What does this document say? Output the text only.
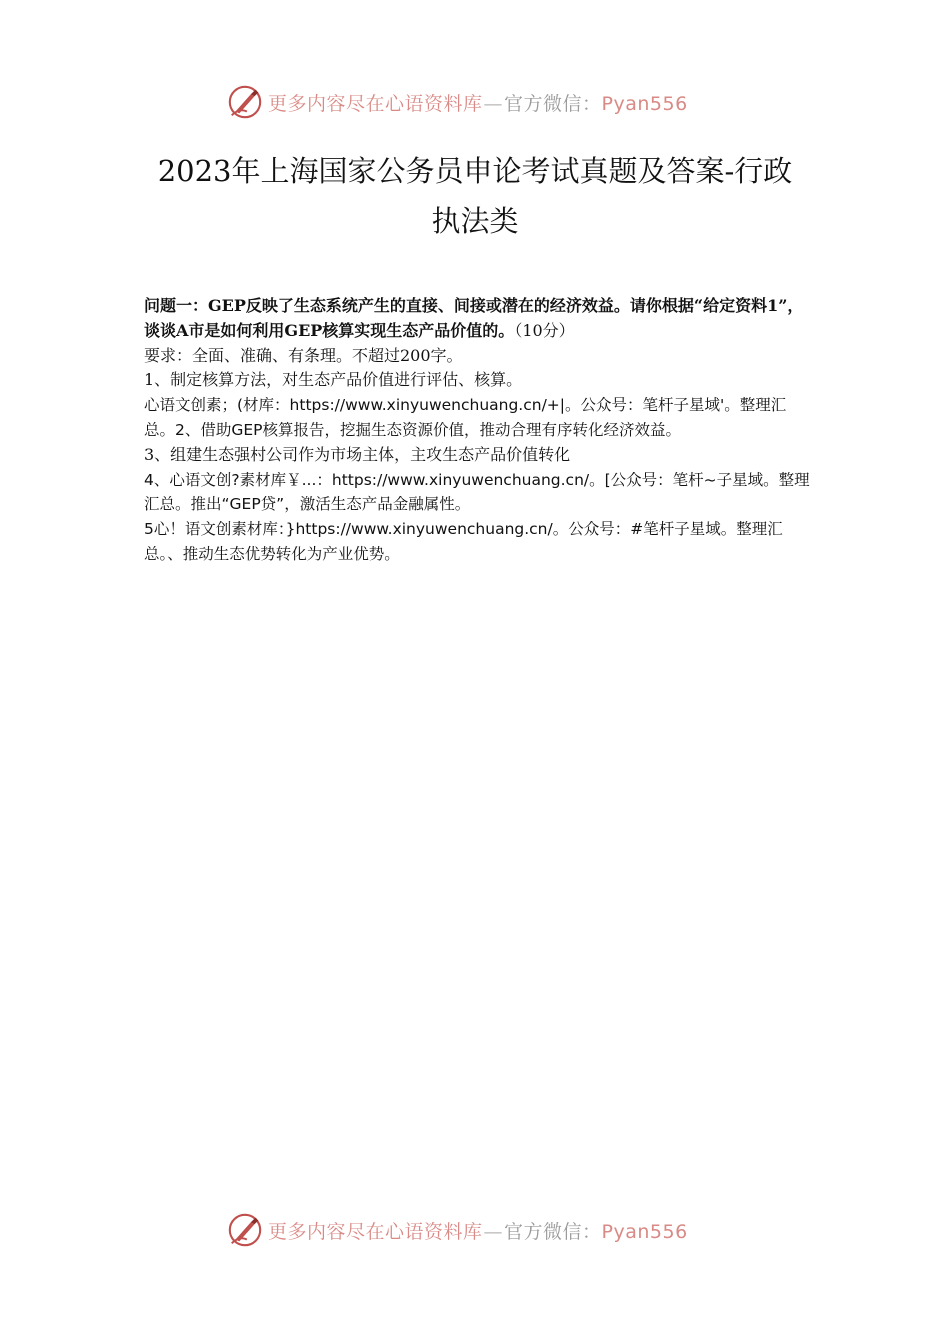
更多内容尽在心语资料库—官方微信：Pyan556
2023年上海国家公务员申论考试真题及答案-行政
执法类

问题一：GEP反映了生态系统产生的直接、间接或潜在的经济效益。请你根据“给定资料1”，谈谈A市是如何利用GEP核算实现生态产品价值的。（10分）

要求：全面、准确、有条理。不超过200字。

1、制定核算方法，对生态产品价值进行评估、核算。

心语文创素；(材库：https://www.xinyuwenchuang.cn/+|。公众号：笔杆子星域'。整理汇总。2、借助GEP核算报告，挖掘生态资源价值，推动合理有序转化经济效益。

3、组建生态强村公司作为市场主体，主攻生态产品价值转化

4、心语文创?素材库￥...：https://www.xinyuwenchuang.cn/。[公众号：笔杆~子星域。整理汇总。推出“GEP贷”，激活生态产品金融属性。

5心！语文创素材库：}https://www.xinyuwenchuang.cn/。公众号：#笔杆子星域。整理汇总。、推动生态优势转化为产业优势。

更多内容尽在心语资料库—官方微信：Pyan556
